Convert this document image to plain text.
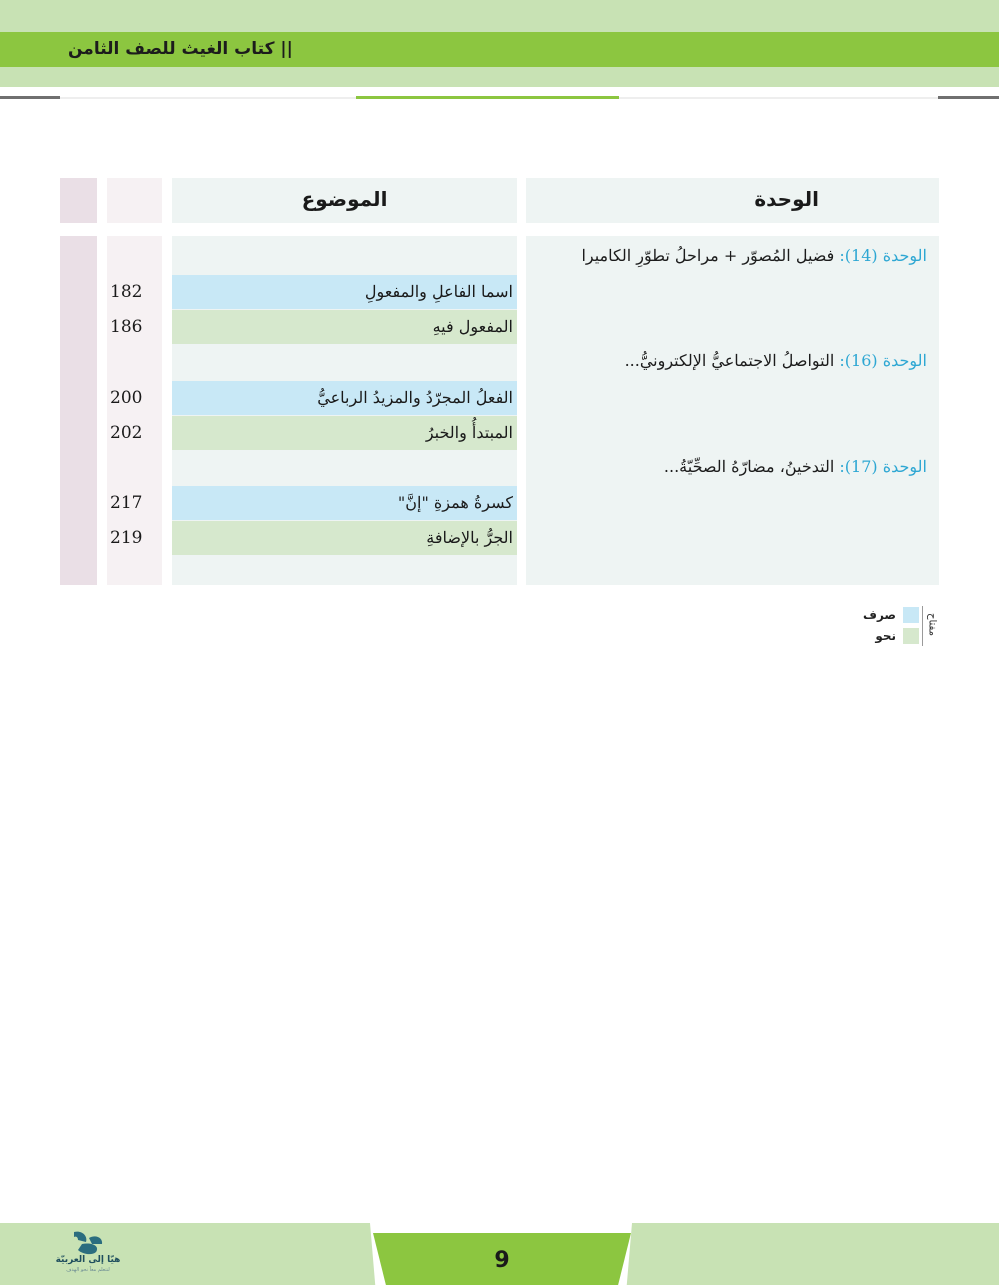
|| كتاب الغيث للصف الثامن
الموضوع	الوحدة
الوحدة (14): فضيل المُصوّر + مراحلُ تطوّرِ الكاميرا
الوحدة (16): التواصلُ الاجتماعيُّ الإلكترونيُّ...
الوحدة (17): التدخينُ، مضارّهُ الصحِّيّةُ...
اسما الفاعلِ والمفعولِ
182
المفعول فيهِ
186
الفعلُ المجرّدُ والمزيدُ الرباعيُّ
200
المبتدأُ والخبرُ
202
كسرةُ همزةِ "إنَّ"
217
الجرُّ بالإضافةِ
219
مفتاح
صرف
نحو
9
هيّا إلى العربيّة
لنتعلم معاً نحو الهدف
